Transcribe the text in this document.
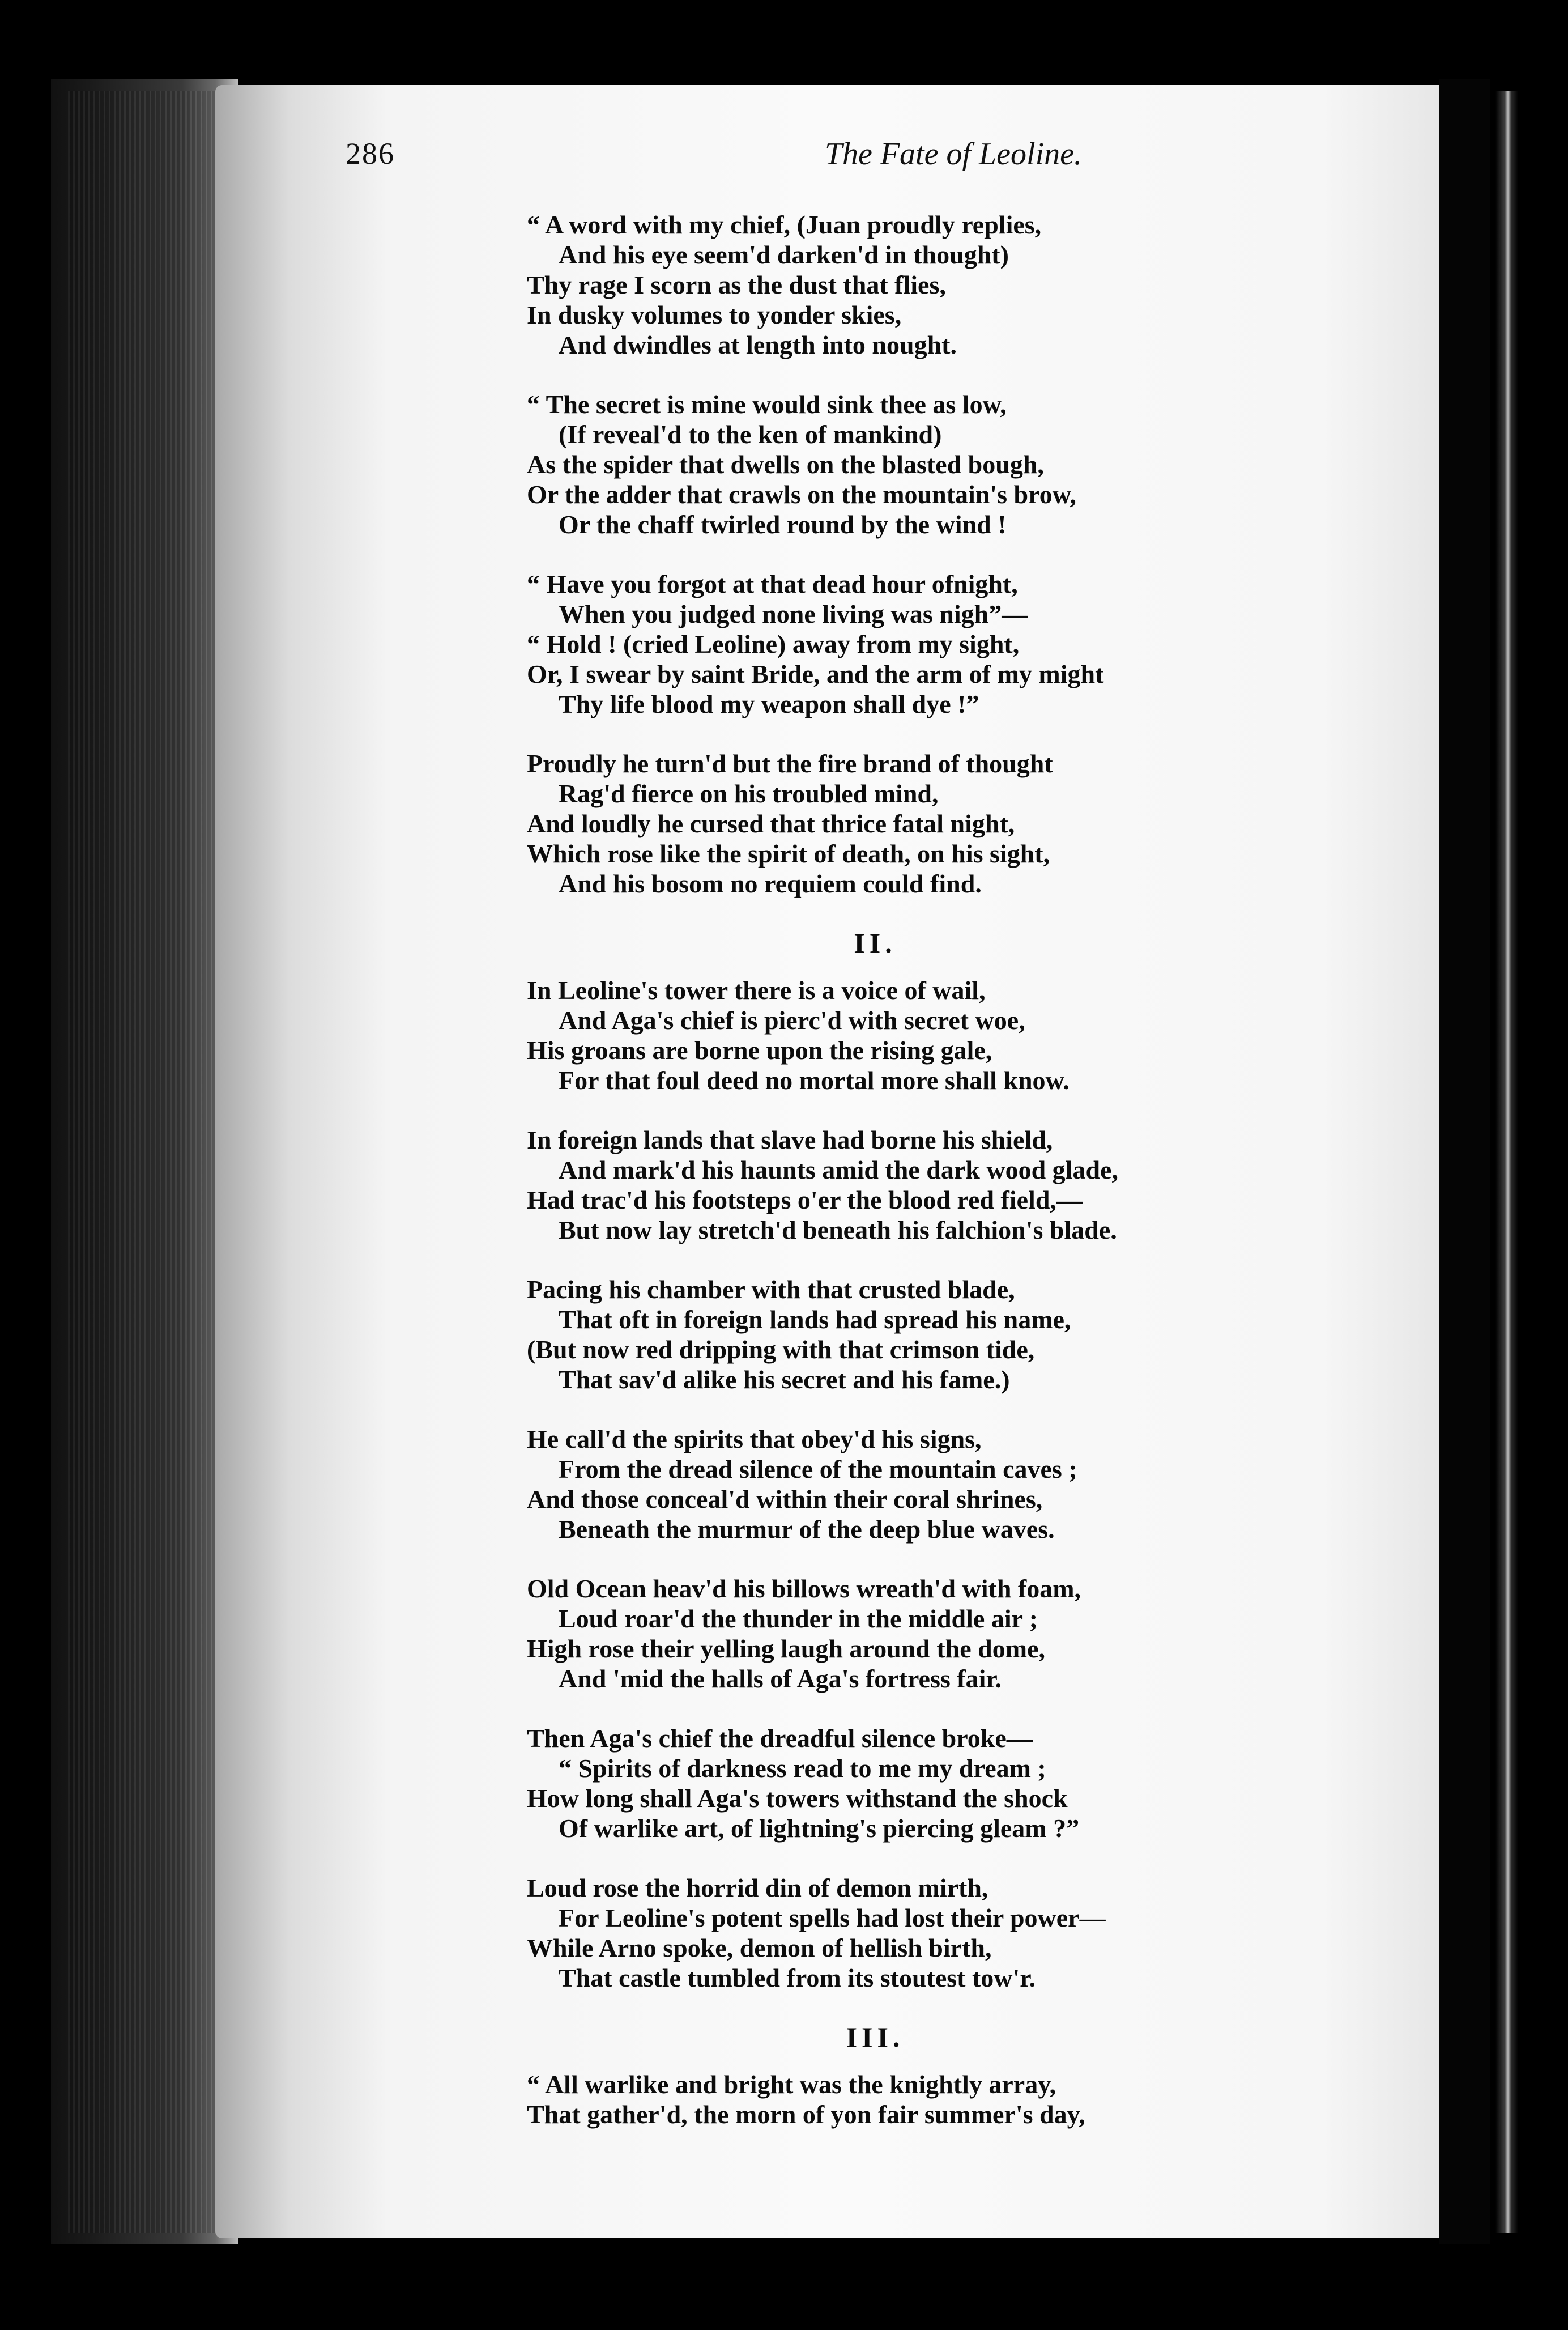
286	The Fate of Leoline.
“ A word with my chief, (Juan proudly replies,
And his eye seem'd darken'd in thought)
Thy rage I scorn as the dust that flies,
In dusky volumes to yonder skies,
And dwindles at length into nought.
“ The secret is mine would sink thee as low,
(If reveal'd to the ken of mankind)
As the spider that dwells on the blasted bough,
Or the adder that crawls on the mountain's brow,
Or the chaff twirled round by the wind !
“ Have you forgot at that dead hour ofnight,
When you judged none living was nigh”—
“ Hold ! (cried Leoline) away from my sight,
Or, I swear by saint Bride, and the arm of my might
Thy life blood my weapon shall dye !”
Proudly he turn'd but the fire brand of thought
Rag'd fierce on his troubled mind,
And loudly he cursed that thrice fatal night,
Which rose like the spirit of death, on his sight,
And his bosom no requiem could find.
II.
In Leoline's tower there is a voice of wail,
And Aga's chief is pierc'd with secret woe,
His groans are borne upon the rising gale,
For that foul deed no mortal more shall know.
In foreign lands that slave had borne his shield,
And mark'd his haunts amid the dark wood glade,
Had trac'd his footsteps o'er the blood red field,—
But now lay stretch'd beneath his falchion's blade.
Pacing his chamber with that crusted blade,
That oft in foreign lands had spread his name,
(But now red dripping with that crimson tide,
That sav'd alike his secret and his fame.)
He call'd the spirits that obey'd his signs,
From the dread silence of the mountain caves ;
And those conceal'd within their coral shrines,
Beneath the murmur of the deep blue waves.
Old Ocean heav'd his billows wreath'd with foam,
Loud roar'd the thunder in the middle air ;
High rose their yelling laugh around the dome,
And 'mid the halls of Aga's fortress fair.
Then Aga's chief the dreadful silence broke—
“ Spirits of darkness read to me my dream ;
How long shall Aga's towers withstand the shock
Of warlike art, of lightning's piercing gleam ?”
Loud rose the horrid din of demon mirth,
For Leoline's potent spells had lost their power—
While Arno spoke, demon of hellish birth,
That castle tumbled from its stoutest tow'r.
III.
“ All warlike and bright was the knightly array,
That gather'd, the morn of yon fair summer's day,
